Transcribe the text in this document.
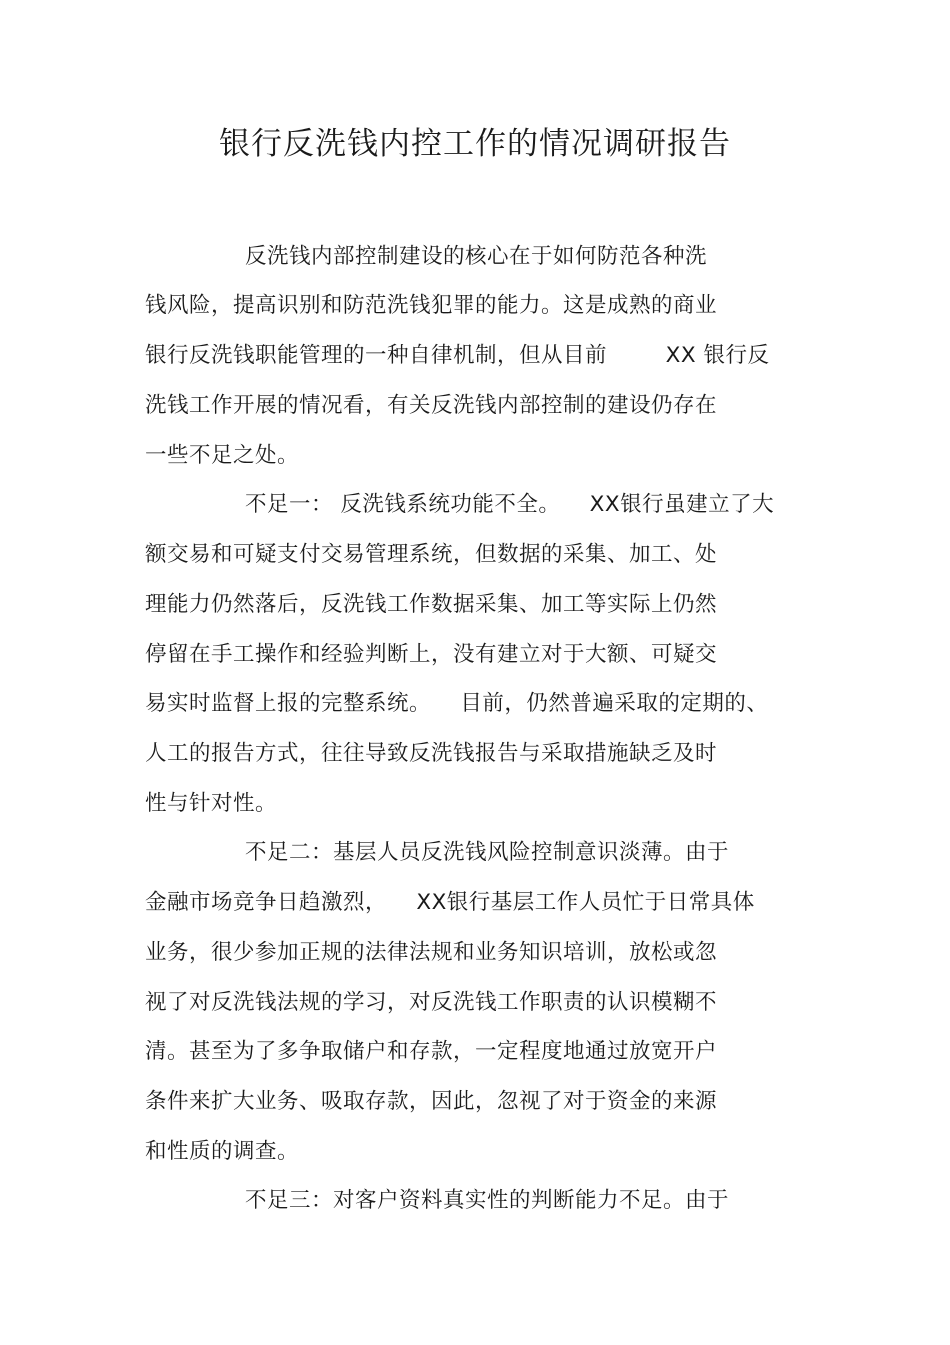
银行反洗钱内控工作的情况调研报告
反洗钱内部控制建设的核心在于如何防范各种洗
钱风险，提高识别和防范洗钱犯罪的能力。这是成熟的商业
银行反洗钱职能管理的一种自律机制，但从目前        XX 银行反
洗钱工作开展的情况看，有关反洗钱内部控制的建设仍存在
一些不足之处。
不足一： 反洗钱系统功能不全。    XX银行虽建立了大
额交易和可疑支付交易管理系统，但数据的采集、加工、处
理能力仍然落后，反洗钱工作数据采集、加工等实际上仍然
停留在手工操作和经验判断上，没有建立对于大额、可疑交
易实时监督上报的完整系统。    目前，仍然普遍采取的定期的、
人工的报告方式，往往导致反洗钱报告与采取措施缺乏及时
性与针对性。
不足二：基层人员反洗钱风险控制意识淡薄。由于
金融市场竞争日趋激烈，    XX银行基层工作人员忙于日常具体
业务，很少参加正规的法律法规和业务知识培训，放松或忽
视了对反洗钱法规的学习，对反洗钱工作职责的认识模糊不
清。甚至为了多争取储户和存款，一定程度地通过放宽开户
条件来扩大业务、吸取存款，因此，忽视了对于资金的来源
和性质的调查。
不足三：对客户资料真实性的判断能力不足。由于
